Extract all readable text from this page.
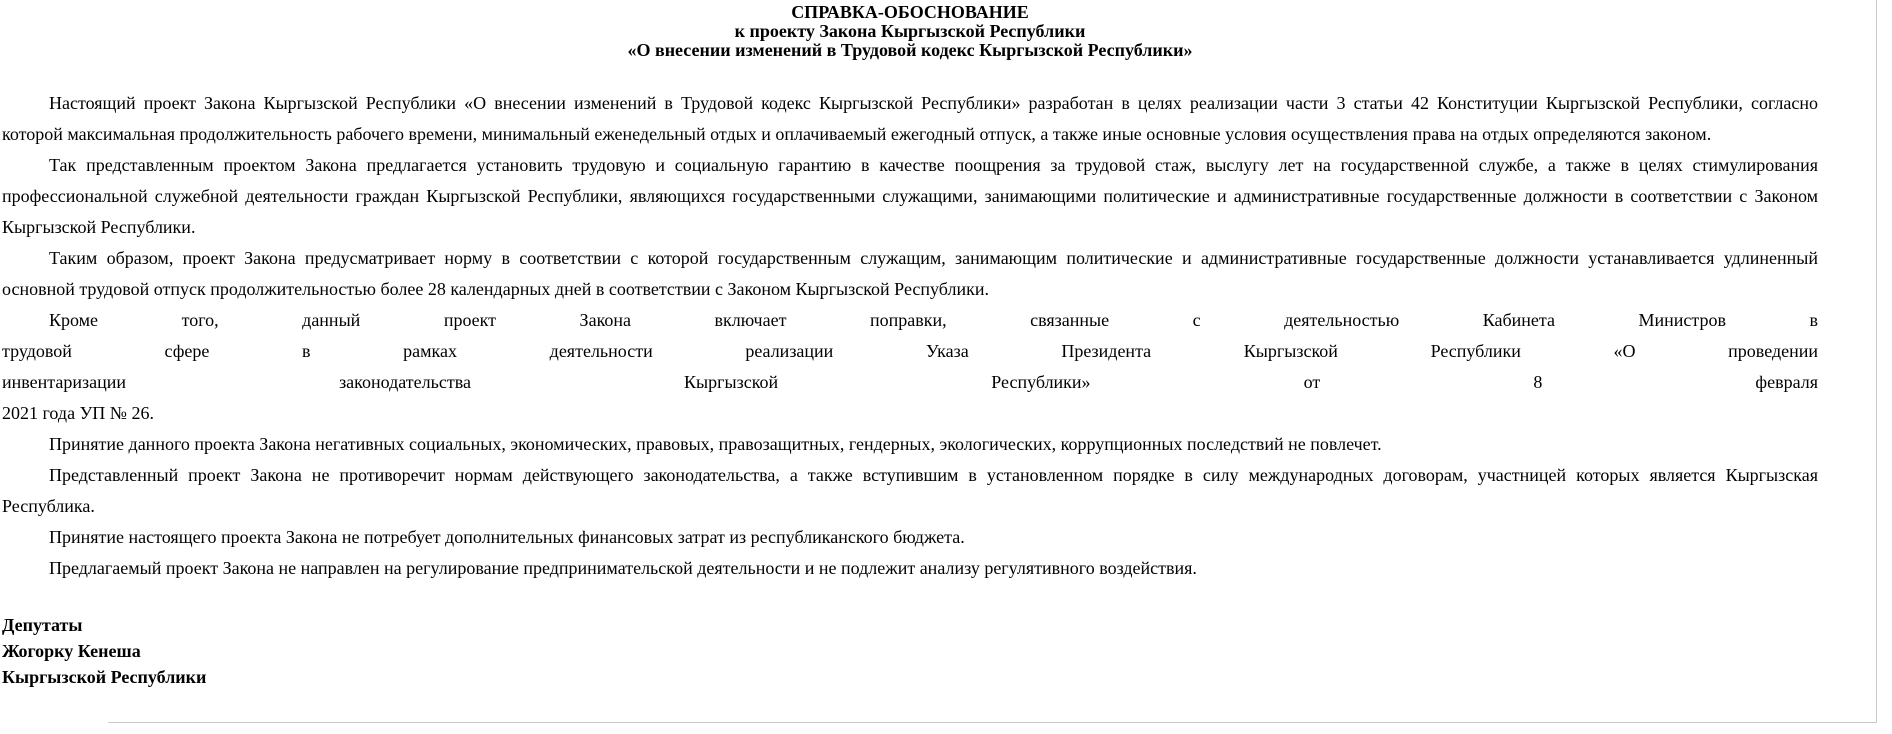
СПРАВКА-ОБОСНОВАНИЕ
к проекту Закона Кыргызской Республики
«О внесении изменений в Трудовой кодекс Кыргызской Республики»
Настоящий проект Закона Кыргызской Республики «О внесении изменений в Трудовой кодекс Кыргызской Республики» разработан в целях реализации части 3 статьи 42 Конституции Кыргызской Республики, согласно
которой максимальная продолжительность рабочего времени, минимальный еженедельный отдых и оплачиваемый ежегодный отпуск, а также иные основные условия осуществления права на отдых определяются законом.
Так представленным проектом Закона предлагается установить трудовую и социальную гарантию в качестве поощрения за трудовой стаж, выслугу лет на государственной службе, а также в целях стимулирования
профессиональной служебной деятельности граждан Кыргызской Республики, являющихся государственными служащими, занимающими политические и административные государственные должности в соответствии с Законом
Кыргызской Республики.
Таким образом, проект Закона предусматривает норму в соответствии с которой государственным служащим, занимающим политические и административные государственные должности устанавливается удлиненный
основной трудовой отпуск продолжительностью более 28 календарных дней в соответствии с Законом Кыргызской Республики.
Кроме того, данный проект Закона включает поправки, связанные с деятельностью Кабинета Министров в
трудовой сфере в рамках деятельности реализации Указа Президента Кыргызской Республики «О проведении
инвентаризации законодательства Кыргызской Республики» от 8 февраля
2021 года УП № 26.
Принятие данного проекта Закона негативных социальных, экономических, правовых, правозащитных, гендерных, экологических, коррупционных последствий не повлечет.
Представленный проект Закона не противоречит нормам действующего законодательства, а также вступившим в установленном порядке в силу международных договорам, участницей которых является Кыргызская
Республика.
Принятие настоящего проекта Закона не потребует дополнительных финансовых затрат из республиканского бюджета.
Предлагаемый проект Закона не направлен на регулирование предпринимательской деятельности и не подлежит анализу регулятивного воздействия.
Депутаты
Жогорку Кенеша
Кыргызской Республики
